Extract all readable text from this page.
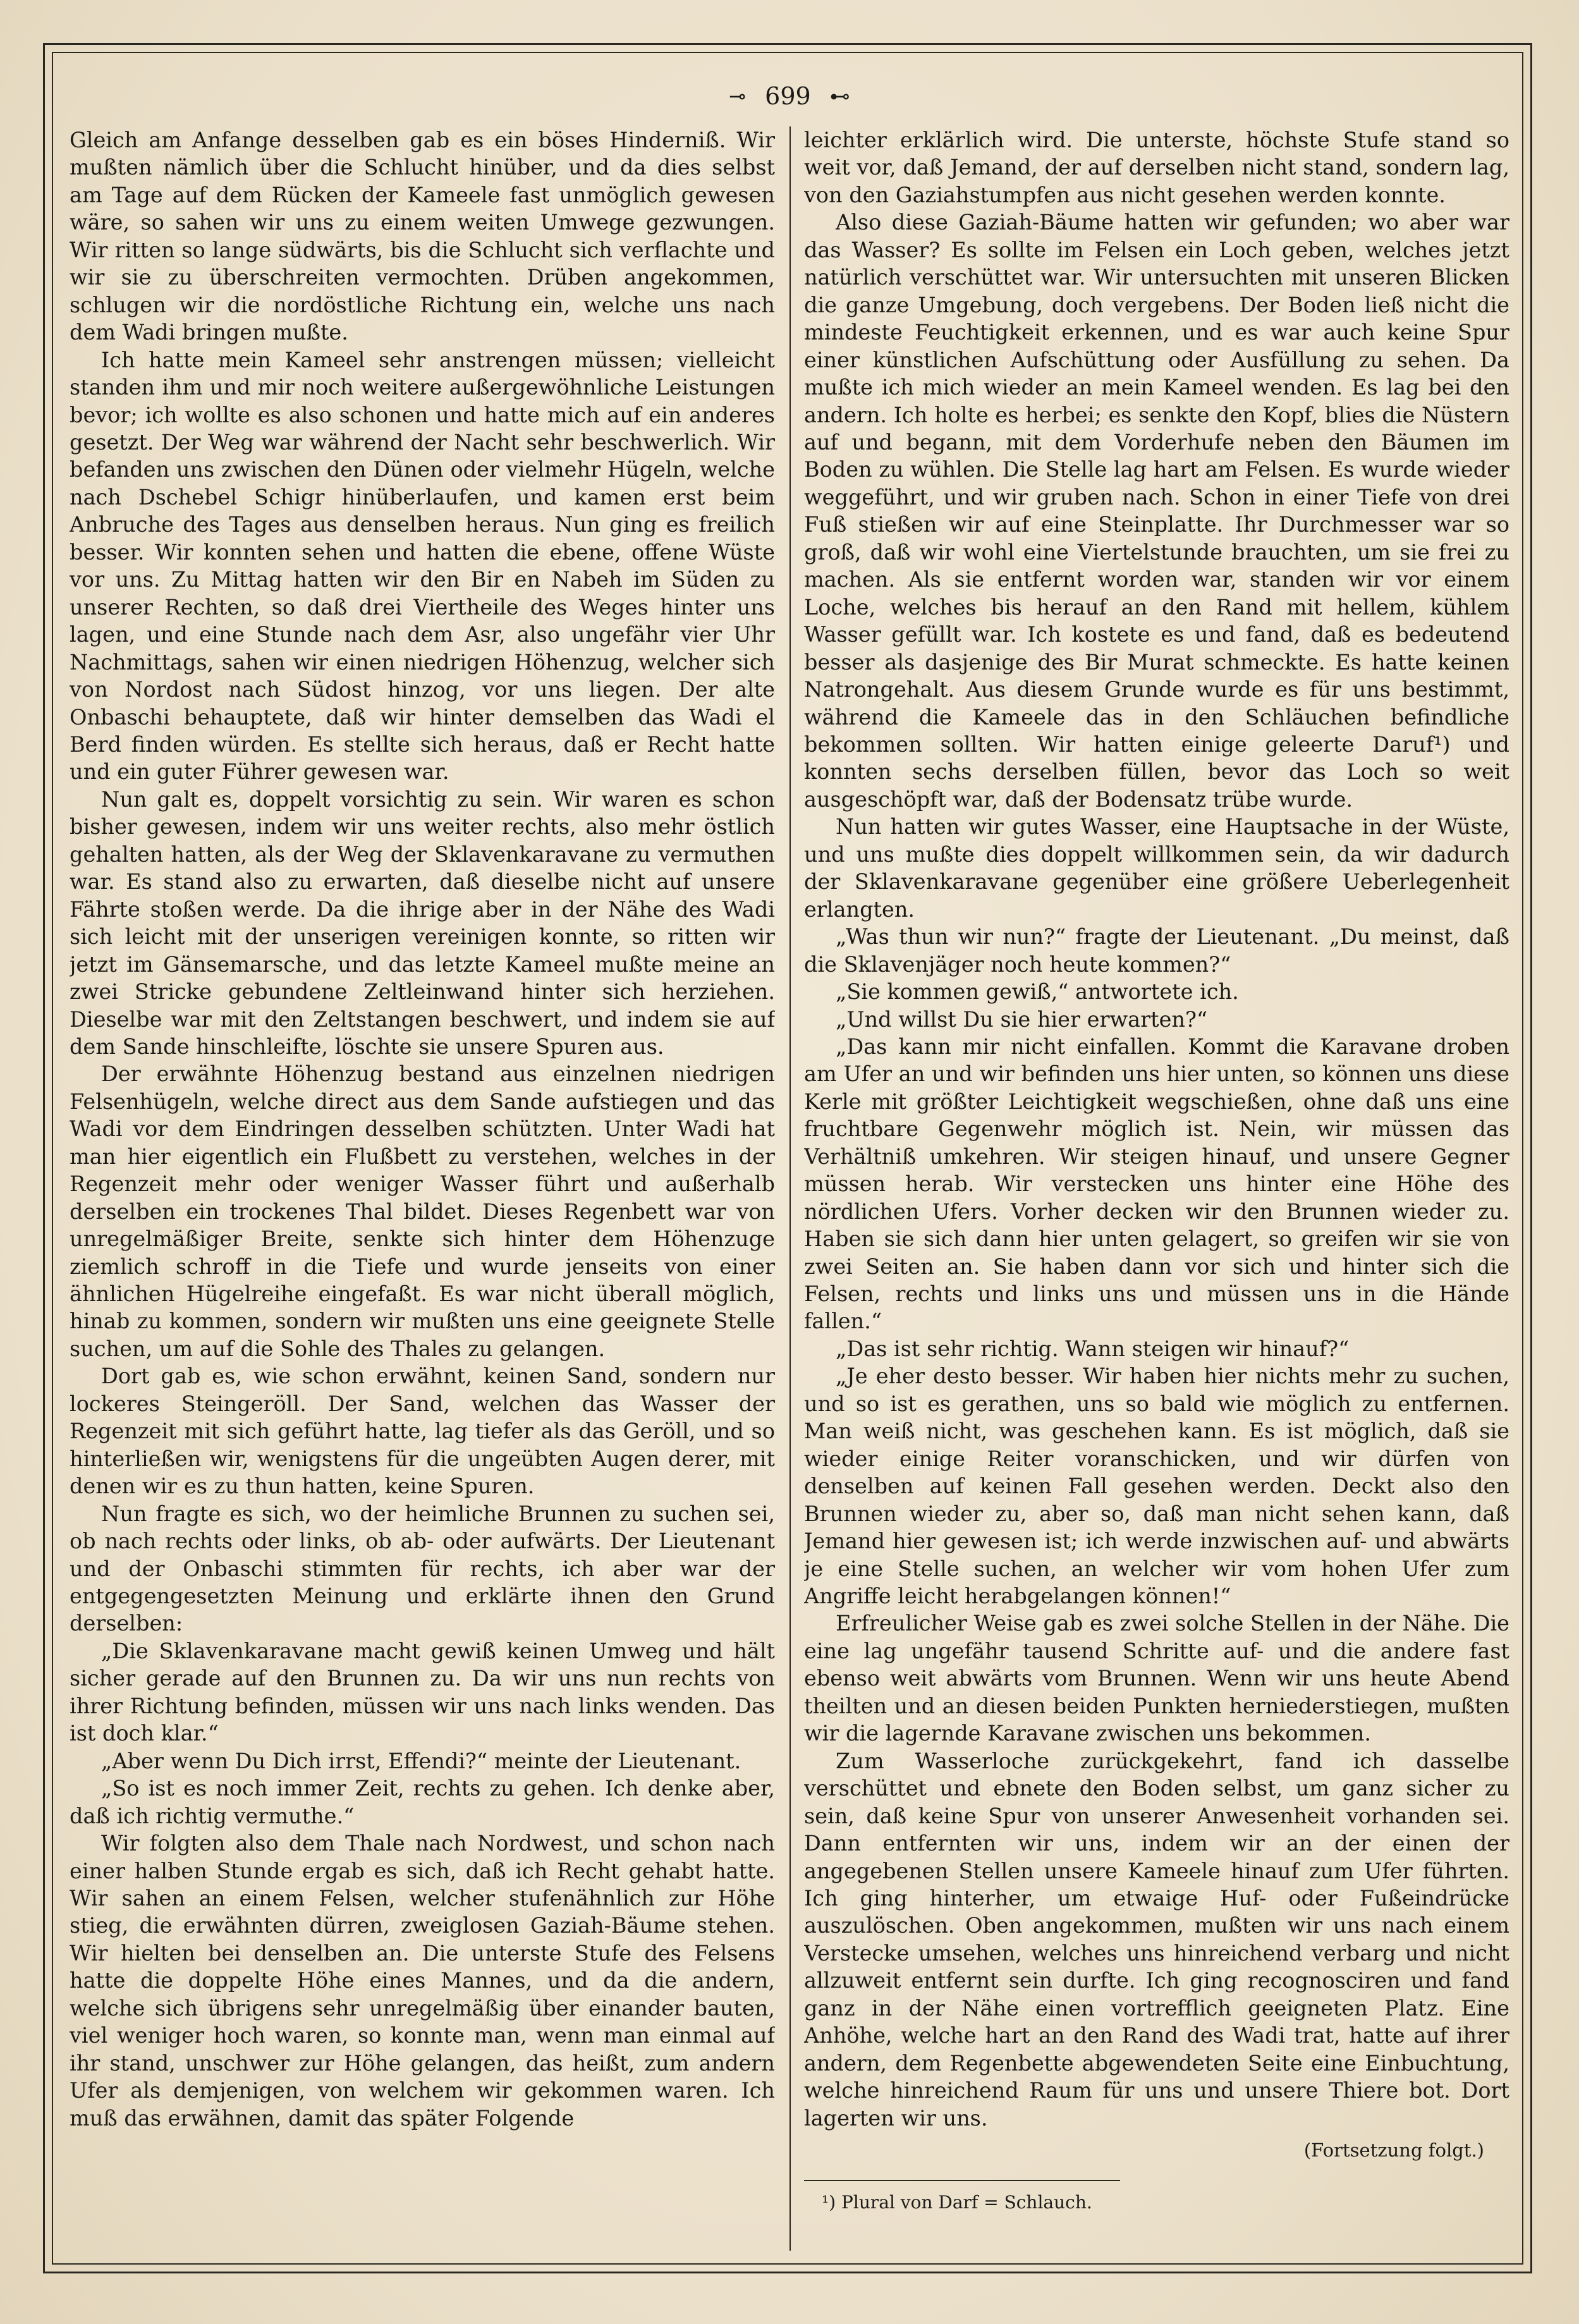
⊸ 699 ⊷

Gleich am Anfange desselben gab es ein böses Hinderniß. Wir mußten nämlich über die Schlucht hinüber, und da dies selbst am Tage auf dem Rücken der Kameele fast unmöglich gewesen wäre, so sahen wir uns zu einem weiten Umwege gezwungen. Wir ritten so lange südwärts, bis die Schlucht sich verflachte und wir sie zu überschreiten vermochten. Drüben angekommen, schlugen wir die nordöstliche Richtung ein, welche uns nach dem Wadi bringen mußte.

Ich hatte mein Kameel sehr anstrengen müssen; vielleicht standen ihm und mir noch weitere außergewöhnliche Leistungen bevor; ich wollte es also schonen und hatte mich auf ein anderes gesetzt. Der Weg war während der Nacht sehr beschwerlich. Wir befanden uns zwischen den Dünen oder vielmehr Hügeln, welche nach Dschebel Schigr hinüberlaufen, und kamen erst beim Anbruche des Tages aus denselben heraus. Nun ging es freilich besser. Wir konnten sehen und hatten die ebene, offene Wüste vor uns. Zu Mittag hatten wir den Bir en Nabeh im Süden zu unserer Rechten, so daß drei Viertheile des Weges hinter uns lagen, und eine Stunde nach dem Asr, also ungefähr vier Uhr Nachmittags, sahen wir einen niedrigen Höhenzug, welcher sich von Nordost nach Südost hinzog, vor uns liegen. Der alte Onbaschi behauptete, daß wir hinter demselben das Wadi el Berd finden würden. Es stellte sich heraus, daß er Recht hatte und ein guter Führer gewesen war.

Nun galt es, doppelt vorsichtig zu sein. Wir waren es schon bisher gewesen, indem wir uns weiter rechts, also mehr östlich gehalten hatten, als der Weg der Sklavenkaravane zu vermuthen war. Es stand also zu erwarten, daß dieselbe nicht auf unsere Fährte stoßen werde. Da die ihrige aber in der Nähe des Wadi sich leicht mit der unserigen vereinigen konnte, so ritten wir jetzt im Gänsemarsche, und das letzte Kameel mußte meine an zwei Stricke gebundene Zeltleinwand hinter sich herziehen. Dieselbe war mit den Zeltstangen beschwert, und indem sie auf dem Sande hinschleifte, löschte sie unsere Spuren aus.

Der erwähnte Höhenzug bestand aus einzelnen niedrigen Felsenhügeln, welche direct aus dem Sande aufstiegen und das Wadi vor dem Eindringen desselben schützten. Unter Wadi hat man hier eigentlich ein Flußbett zu verstehen, welches in der Regenzeit mehr oder weniger Wasser führt und außerhalb derselben ein trockenes Thal bildet. Dieses Regenbett war von unregelmäßiger Breite, senkte sich hinter dem Höhenzuge ziemlich schroff in die Tiefe und wurde jenseits von einer ähnlichen Hügelreihe eingefaßt. Es war nicht überall möglich, hinab zu kommen, sondern wir mußten uns eine geeignete Stelle suchen, um auf die Sohle des Thales zu gelangen.

Dort gab es, wie schon erwähnt, keinen Sand, sondern nur lockeres Steingeröll. Der Sand, welchen das Wasser der Regenzeit mit sich geführt hatte, lag tiefer als das Geröll, und so hinterließen wir, wenigstens für die ungeübten Augen derer, mit denen wir es zu thun hatten, keine Spuren.

Nun fragte es sich, wo der heimliche Brunnen zu suchen sei, ob nach rechts oder links, ob ab- oder aufwärts. Der Lieutenant und der Onbaschi stimmten für rechts, ich aber war der entgegengesetzten Meinung und erklärte ihnen den Grund derselben:

„Die Sklavenkaravane macht gewiß keinen Umweg und hält sicher gerade auf den Brunnen zu. Da wir uns nun rechts von ihrer Richtung befinden, müssen wir uns nach links wenden. Das ist doch klar.“

„Aber wenn Du Dich irrst, Effendi?“ meinte der Lieutenant.

„So ist es noch immer Zeit, rechts zu gehen. Ich denke aber, daß ich richtig vermuthe.“

Wir folgten also dem Thale nach Nordwest, und schon nach einer halben Stunde ergab es sich, daß ich Recht gehabt hatte. Wir sahen an einem Felsen, welcher stufenähnlich zur Höhe stieg, die erwähnten dürren, zweiglosen Gaziah-Bäume stehen. Wir hielten bei denselben an. Die unterste Stufe des Felsens hatte die doppelte Höhe eines Mannes, und da die andern, welche sich übrigens sehr unregelmäßig über einander bauten, viel weniger hoch waren, so konnte man, wenn man einmal auf ihr stand, unschwer zur Höhe gelangen, das heißt, zum andern Ufer als demjenigen, von welchem wir gekommen waren. Ich muß das erwähnen, damit das später Folgende

leichter erklärlich wird. Die unterste, höchste Stufe stand so weit vor, daß Jemand, der auf derselben nicht stand, sondern lag, von den Gaziahstumpfen aus nicht gesehen werden konnte.

Also diese Gaziah-Bäume hatten wir gefunden; wo aber war das Wasser? Es sollte im Felsen ein Loch geben, welches jetzt natürlich verschüttet war. Wir untersuchten mit unseren Blicken die ganze Umgebung, doch vergebens. Der Boden ließ nicht die mindeste Feuchtigkeit erkennen, und es war auch keine Spur einer künstlichen Aufschüttung oder Ausfüllung zu sehen. Da mußte ich mich wieder an mein Kameel wenden. Es lag bei den andern. Ich holte es herbei; es senkte den Kopf, blies die Nüstern auf und begann, mit dem Vorderhufe neben den Bäumen im Boden zu wühlen. Die Stelle lag hart am Felsen. Es wurde wieder weggeführt, und wir gruben nach. Schon in einer Tiefe von drei Fuß stießen wir auf eine Steinplatte. Ihr Durchmesser war so groß, daß wir wohl eine Viertelstunde brauchten, um sie frei zu machen. Als sie entfernt worden war, standen wir vor einem Loche, welches bis herauf an den Rand mit hellem, kühlem Wasser gefüllt war. Ich kostete es und fand, daß es bedeutend besser als dasjenige des Bir Murat schmeckte. Es hatte keinen Natrongehalt. Aus diesem Grunde wurde es für uns bestimmt, während die Kameele das in den Schläuchen befindliche bekommen sollten. Wir hatten einige geleerte Daruf¹) und konnten sechs derselben füllen, bevor das Loch so weit ausgeschöpft war, daß der Bodensatz trübe wurde.

Nun hatten wir gutes Wasser, eine Hauptsache in der Wüste, und uns mußte dies doppelt willkommen sein, da wir dadurch der Sklavenkaravane gegenüber eine größere Ueberlegenheit erlangten.

„Was thun wir nun?“ fragte der Lieutenant. „Du meinst, daß die Sklavenjäger noch heute kommen?“

„Sie kommen gewiß,“ antwortete ich.

„Und willst Du sie hier erwarten?“

„Das kann mir nicht einfallen. Kommt die Karavane droben am Ufer an und wir befinden uns hier unten, so können uns diese Kerle mit größter Leichtigkeit wegschießen, ohne daß uns eine fruchtbare Gegenwehr möglich ist. Nein, wir müssen das Verhältniß umkehren. Wir steigen hinauf, und unsere Gegner müssen herab. Wir verstecken uns hinter eine Höhe des nördlichen Ufers. Vorher decken wir den Brunnen wieder zu. Haben sie sich dann hier unten gelagert, so greifen wir sie von zwei Seiten an. Sie haben dann vor sich und hinter sich die Felsen, rechts und links uns und müssen uns in die Hände fallen.“

„Das ist sehr richtig. Wann steigen wir hinauf?“

„Je eher desto besser. Wir haben hier nichts mehr zu suchen, und so ist es gerathen, uns so bald wie möglich zu entfernen. Man weiß nicht, was geschehen kann. Es ist möglich, daß sie wieder einige Reiter voranschicken, und wir dürfen von denselben auf keinen Fall gesehen werden. Deckt also den Brunnen wieder zu, aber so, daß man nicht sehen kann, daß Jemand hier gewesen ist; ich werde inzwischen auf- und abwärts je eine Stelle suchen, an welcher wir vom hohen Ufer zum Angriffe leicht herabgelangen können!“

Erfreulicher Weise gab es zwei solche Stellen in der Nähe. Die eine lag ungefähr tausend Schritte auf- und die andere fast ebenso weit abwärts vom Brunnen. Wenn wir uns heute Abend theilten und an diesen beiden Punkten herniederstiegen, mußten wir die lagernde Karavane zwischen uns bekommen.

Zum Wasserloche zurückgekehrt, fand ich dasselbe verschüttet und ebnete den Boden selbst, um ganz sicher zu sein, daß keine Spur von unserer Anwesenheit vorhanden sei. Dann entfernten wir uns, indem wir an der einen der angegebenen Stellen unsere Kameele hinauf zum Ufer führten. Ich ging hinterher, um etwaige Huf- oder Fußeindrücke auszulöschen. Oben angekommen, mußten wir uns nach einem Verstecke umsehen, welches uns hinreichend verbarg und nicht allzuweit entfernt sein durfte. Ich ging recognosciren und fand ganz in der Nähe einen vortrefflich geeigneten Platz. Eine Anhöhe, welche hart an den Rand des Wadi trat, hatte auf ihrer andern, dem Regenbette abgewendeten Seite eine Einbuchtung, welche hinreichend Raum für uns und unsere Thiere bot. Dort lagerten wir uns.

(Fortsetzung folgt.)

¹) Plural von Darf = Schlauch.
